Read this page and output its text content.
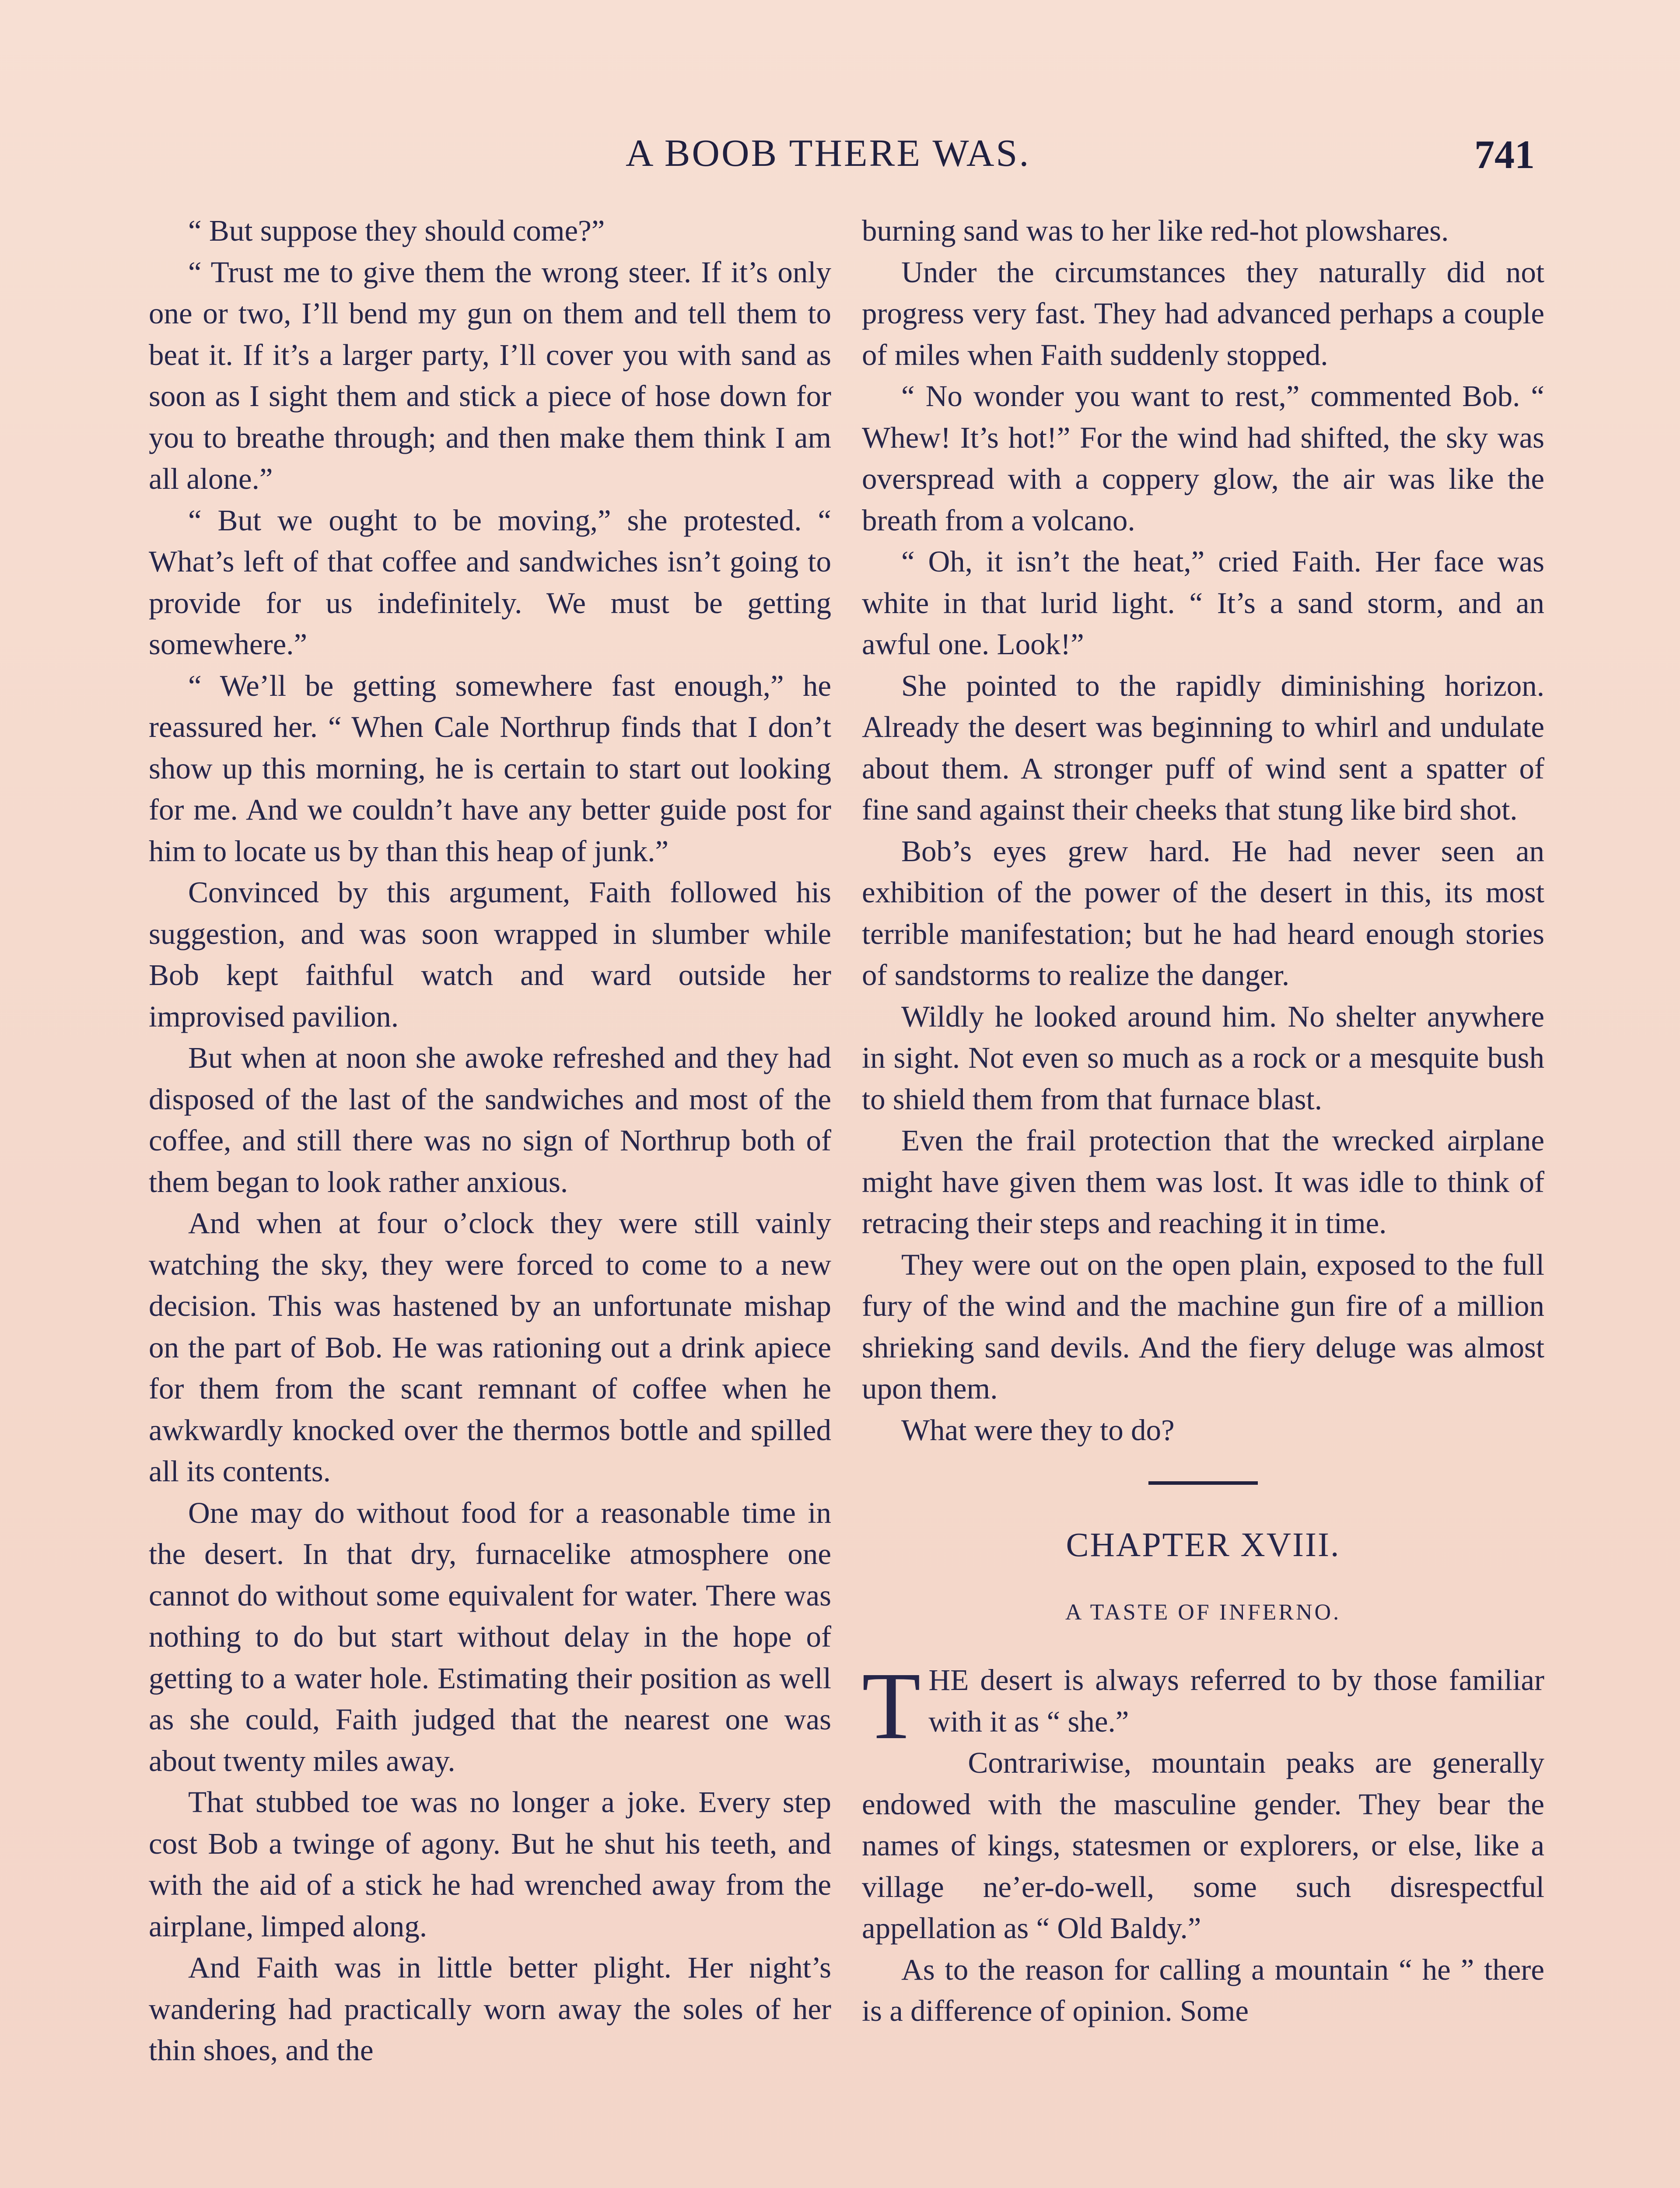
A BOOB THERE WAS.	741

“ But suppose they should come?”

“ Trust me to give them the wrong steer. If it’s only one or two, I’ll bend my gun on them and tell them to beat it. If it’s a larger party, I’ll cover you with sand as soon as I sight them and stick a piece of hose down for you to breathe through; and then make them think I am all alone.”

“ But we ought to be moving,” she protested. “ What’s left of that coffee and sandwiches isn’t going to provide for us indefinitely. We must be getting somewhere.”

“ We’ll be getting somewhere fast enough,” he reassured her. “ When Cale Northrup finds that I don’t show up this morning, he is certain to start out looking for me. And we couldn’t have any better guide post for him to locate us by than this heap of junk.”

Convinced by this argument, Faith followed his suggestion, and was soon wrapped in slumber while Bob kept faithful watch and ward outside her improvised pavilion.

But when at noon she awoke refreshed and they had disposed of the last of the sandwiches and most of the coffee, and still there was no sign of Northrup both of them began to look rather anxious.

And when at four o’clock they were still vainly watching the sky, they were forced to come to a new decision. This was hastened by an unfortunate mishap on the part of Bob. He was rationing out a drink apiece for them from the scant remnant of coffee when he awkwardly knocked over the thermos bottle and spilled all its contents.

One may do without food for a reasonable time in the desert. In that dry, furnacelike atmosphere one cannot do without some equivalent for water. There was nothing to do but start without delay in the hope of getting to a water hole. Estimating their position as well as she could, Faith judged that the nearest one was about twenty miles away.

That stubbed toe was no longer a joke. Every step cost Bob a twinge of agony. But he shut his teeth, and with the aid of a stick he had wrenched away from the airplane, limped along.

And Faith was in little better plight. Her night’s wandering had practically worn away the soles of her thin shoes, and the

burning sand was to her like red-hot plowshares.

Under the circumstances they naturally did not progress very fast. They had advanced perhaps a couple of miles when Faith suddenly stopped.

“ No wonder you want to rest,” commented Bob. “ Whew! It’s hot!” For the wind had shifted, the sky was overspread with a coppery glow, the air was like the breath from a volcano.

“ Oh, it isn’t the heat,” cried Faith. Her face was white in that lurid light. “ It’s a sand storm, and an awful one. Look!”

She pointed to the rapidly diminishing horizon. Already the desert was beginning to whirl and undulate about them. A stronger puff of wind sent a spatter of fine sand against their cheeks that stung like bird shot.

Bob’s eyes grew hard. He had never seen an exhibition of the power of the desert in this, its most terrible manifestation; but he had heard enough stories of sandstorms to realize the danger.

Wildly he looked around him. No shelter anywhere in sight. Not even so much as a rock or a mesquite bush to shield them from that furnace blast.

Even the frail protection that the wrecked airplane might have given them was lost. It was idle to think of retracing their steps and reaching it in time.

They were out on the open plain, exposed to the full fury of the wind and the machine gun fire of a million shrieking sand devils. And the fiery deluge was almost upon them.

What were they to do?

CHAPTER XVIII.
A TASTE OF INFERNO.

THE desert is always referred to by those familiar with it as “ she.”

Contrariwise, mountain peaks are generally endowed with the masculine gender. They bear the names of kings, statesmen or explorers, or else, like a village ne’er-do-well, some such disrespectful appellation as “ Old Baldy.”

As to the reason for calling a mountain “ he ” there is a difference of opinion. Some
